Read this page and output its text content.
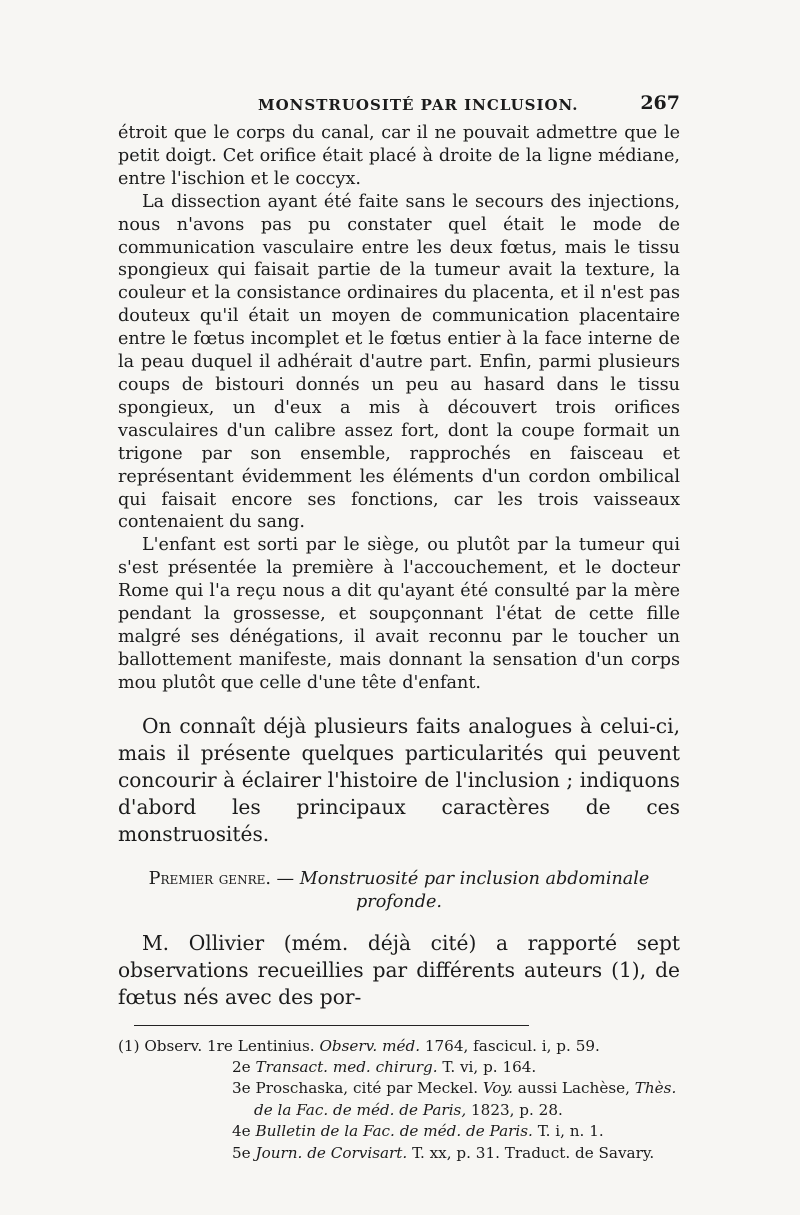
MONSTRUOSITÉ PAR INCLUSION.	267

étroit que le corps du canal, car il ne pouvait admettre que le petit doigt. Cet orifice était placé à droite de la ligne médiane, entre l'ischion et le coccyx.

La dissection ayant été faite sans le secours des injections, nous n'avons pas pu constater quel était le mode de communication vasculaire entre les deux fœtus, mais le tissu spongieux qui faisait partie de la tumeur avait la texture, la couleur et la consistance ordinaires du placenta, et il n'est pas douteux qu'il était un moyen de communication placentaire entre le fœtus incomplet et le fœtus entier à la face interne de la peau duquel il adhérait d'autre part. Enfin, parmi plusieurs coups de bistouri donnés un peu au hasard dans le tissu spongieux, un d'eux a mis à découvert trois orifices vasculaires d'un calibre assez fort, dont la coupe formait un trigone par son ensemble, rapprochés en faisceau et représentant évidemment les éléments d'un cordon ombilical qui faisait encore ses fonctions, car les trois vaisseaux contenaient du sang.

L'enfant est sorti par le siège, ou plutôt par la tumeur qui s'est présentée la première à l'accouchement, et le docteur Rome qui l'a reçu nous a dit qu'ayant été consulté par la mère pendant la grossesse, et soupçonnant l'état de cette fille malgré ses dénégations, il avait reconnu par le toucher un ballottement manifeste, mais donnant la sensation d'un corps mou plutôt que celle d'une tête d'enfant.

On connaît déjà plusieurs faits analogues à celui-ci, mais il présente quelques particularités qui peuvent concourir à éclairer l'histoire de l'inclusion ; indiquons d'abord les principaux caractères de ces monstruosités.

Premier genre. — Monstruosité par inclusion abdominale profonde.

M. Ollivier (mém. déjà cité) a rapporté sept observations recueillies par différents auteurs (1), de fœtus nés avec des por-

(1) Observ. 1re Lentinius. Observ. méd. 1764, fascicul. i, p. 59.
2e Transact. med. chirurg. T. vi, p. 164.
3e Proschaska, cité par Meckel. Voy. aussi Lachèse, Thès.
de la Fac. de méd. de Paris, 1823, p. 28.
4e Bulletin de la Fac. de méd. de Paris. T. i, n. 1.
5e Journ. de Corvisart. T. xx, p. 31. Traduct. de Savary.
